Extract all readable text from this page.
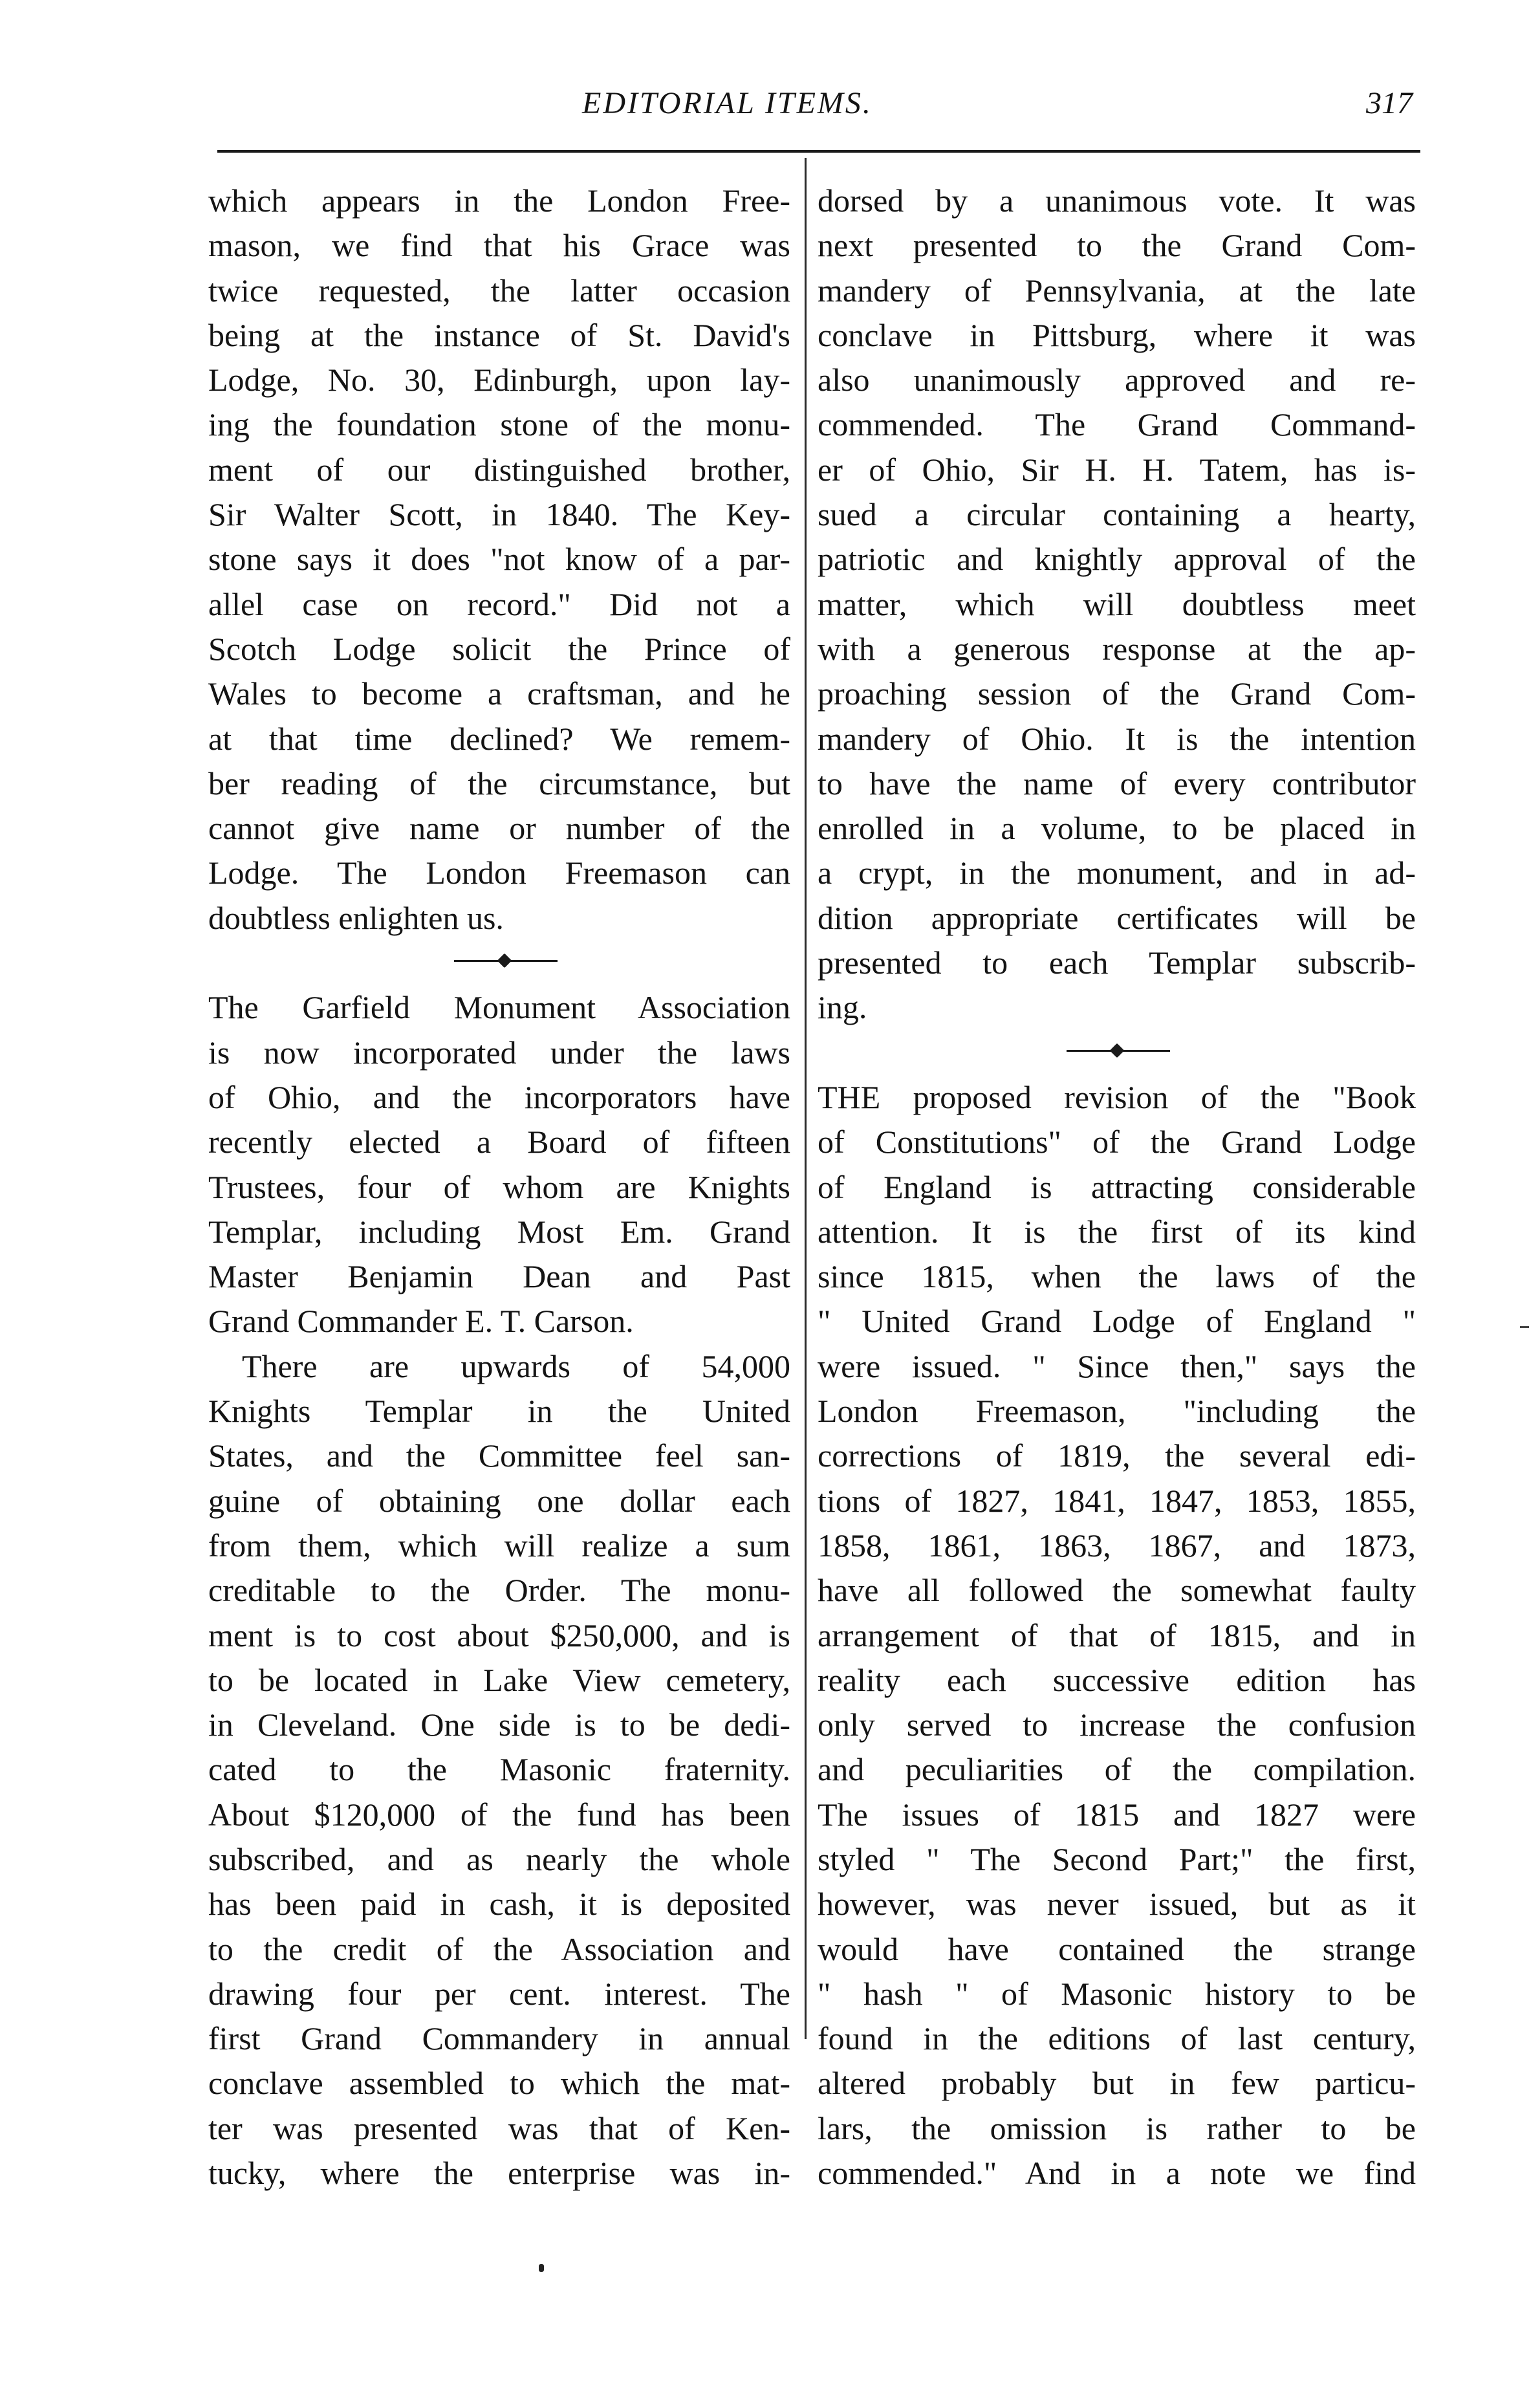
EDITORIAL ITEMS.	317
which appears in the London Free-
mason, we find that his Grace was
twice requested, the latter occasion
being at the instance of St. David's
Lodge, No. 30, Edinburgh, upon lay-
ing the foundation stone of the monu-
ment of our distinguished brother,
Sir Walter Scott, in 1840. The Key-
stone says it does "not know of a par-
allel case on record." Did not a
Scotch Lodge solicit the Prince of
Wales to become a craftsman, and he
at that time declined? We remem-
ber reading of the circumstance, but
cannot give name or number of the
Lodge. The London Freemason can
doubtless enlighten us.
The Garfield Monument Association
is now incorporated under the laws
of Ohio, and the incorporators have
recently elected a Board of fifteen
Trustees, four of whom are Knights
Templar, including Most Em. Grand
Master Benjamin Dean and Past
Grand Commander E. T. Carson.
There are upwards of 54,000
Knights Templar in the United
States, and the Committee feel san-
guine of obtaining one dollar each
from them, which will realize a sum
creditable to the Order. The monu-
ment is to cost about $250,000, and is
to be located in Lake View cemetery,
in Cleveland. One side is to be dedi-
cated to the Masonic fraternity.
About $120,000 of the fund has been
subscribed, and as nearly the whole
has been paid in cash, it is deposited
to the credit of the Association and
drawing four per cent. interest. The
first Grand Commandery in annual
conclave assembled to which the mat-
ter was presented was that of Ken-
tucky, where the enterprise was in-
dorsed by a unanimous vote. It was
next presented to the Grand Com-
mandery of Pennsylvania, at the late
conclave in Pittsburg, where it was
also unanimously approved and re-
commended. The Grand Command-
er of Ohio, Sir H. H. Tatem, has is-
sued a circular containing a hearty,
patriotic and knightly approval of the
matter, which will doubtless meet
with a generous response at the ap-
proaching session of the Grand Com-
mandery of Ohio. It is the intention
to have the name of every contributor
enrolled in a volume, to be placed in
a crypt, in the monument, and in ad-
dition appropriate certificates will be
presented to each Templar subscrib-
ing.
THE proposed revision of the "Book
of Constitutions" of the Grand Lodge
of England is attracting considerable
attention. It is the first of its kind
since 1815, when the laws of the
" United Grand Lodge of England "
were issued. " Since then," says the
London Freemason, "including the
corrections of 1819, the several edi-
tions of 1827, 1841, 1847, 1853, 1855,
1858, 1861, 1863, 1867, and 1873,
have all followed the somewhat faulty
arrangement of that of 1815, and in
reality each successive edition has
only served to increase the confusion
and peculiarities of the compilation.
The issues of 1815 and 1827 were
styled " The Second Part;" the first,
however, was never issued, but as it
would have contained the strange
" hash " of Masonic history to be
found in the editions of last century,
altered probably but in few particu-
lars, the omission is rather to be
commended." And in a note we find
